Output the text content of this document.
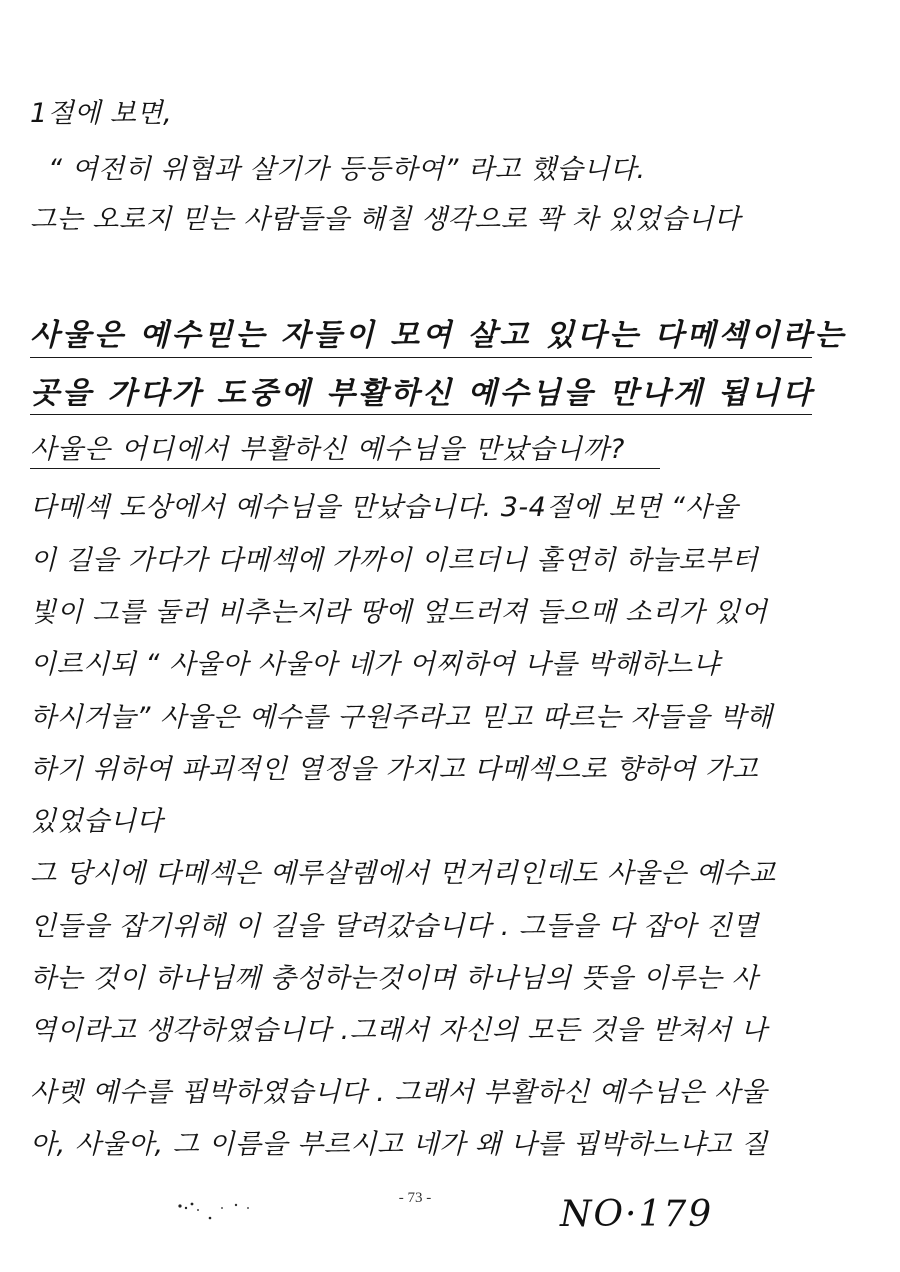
1절에 보면,
“ 여전히 위협과 살기가 등등하여” 라고 했습니다.
그는 오로지 믿는 사람들을 해칠 생각으로 꽉 차 있었습니다
사울은 예수믿는 자들이 모여 살고 있다는 다메섹이라는
곳을 가다가 도중에 부활하신 예수님을 만나게 됩니다
사울은 어디에서 부활하신 예수님을 만났습니까?
다메섹 도상에서 예수님을 만났습니다. 3-4절에 보면 “사울
이 길을 가다가 다메섹에 가까이 이르더니 홀연히 하늘로부터
빛이 그를 둘러 비추는지라 땅에 엎드러져 들으매 소리가 있어
이르시되 “ 사울아 사울아 네가 어찌하여 나를 박해하느냐
하시거늘” 사울은 예수를 구원주라고 믿고 따르는 자들을 박해
하기 위하여 파괴적인 열정을 가지고 다메섹으로 향하여 가고
있었습니다
그 당시에 다메섹은 예루살렘에서 먼거리인데도 사울은 예수교
인들을 잡기위해 이 길을 달려갔습니다 . 그들을 다 잡아 진멸
하는 것이 하나님께 충성하는것이며 하나님의 뜻을 이루는 사
역이라고 생각하였습니다 .그래서 자신의 모든 것을 받쳐서 나
사렛 예수를 핍박하였습니다 . 그래서 부활하신 예수님은 사울
아, 사울아, 그 이름을 부르시고 네가 왜 나를 핍박하느냐고 질
- 73 -	NO·179
